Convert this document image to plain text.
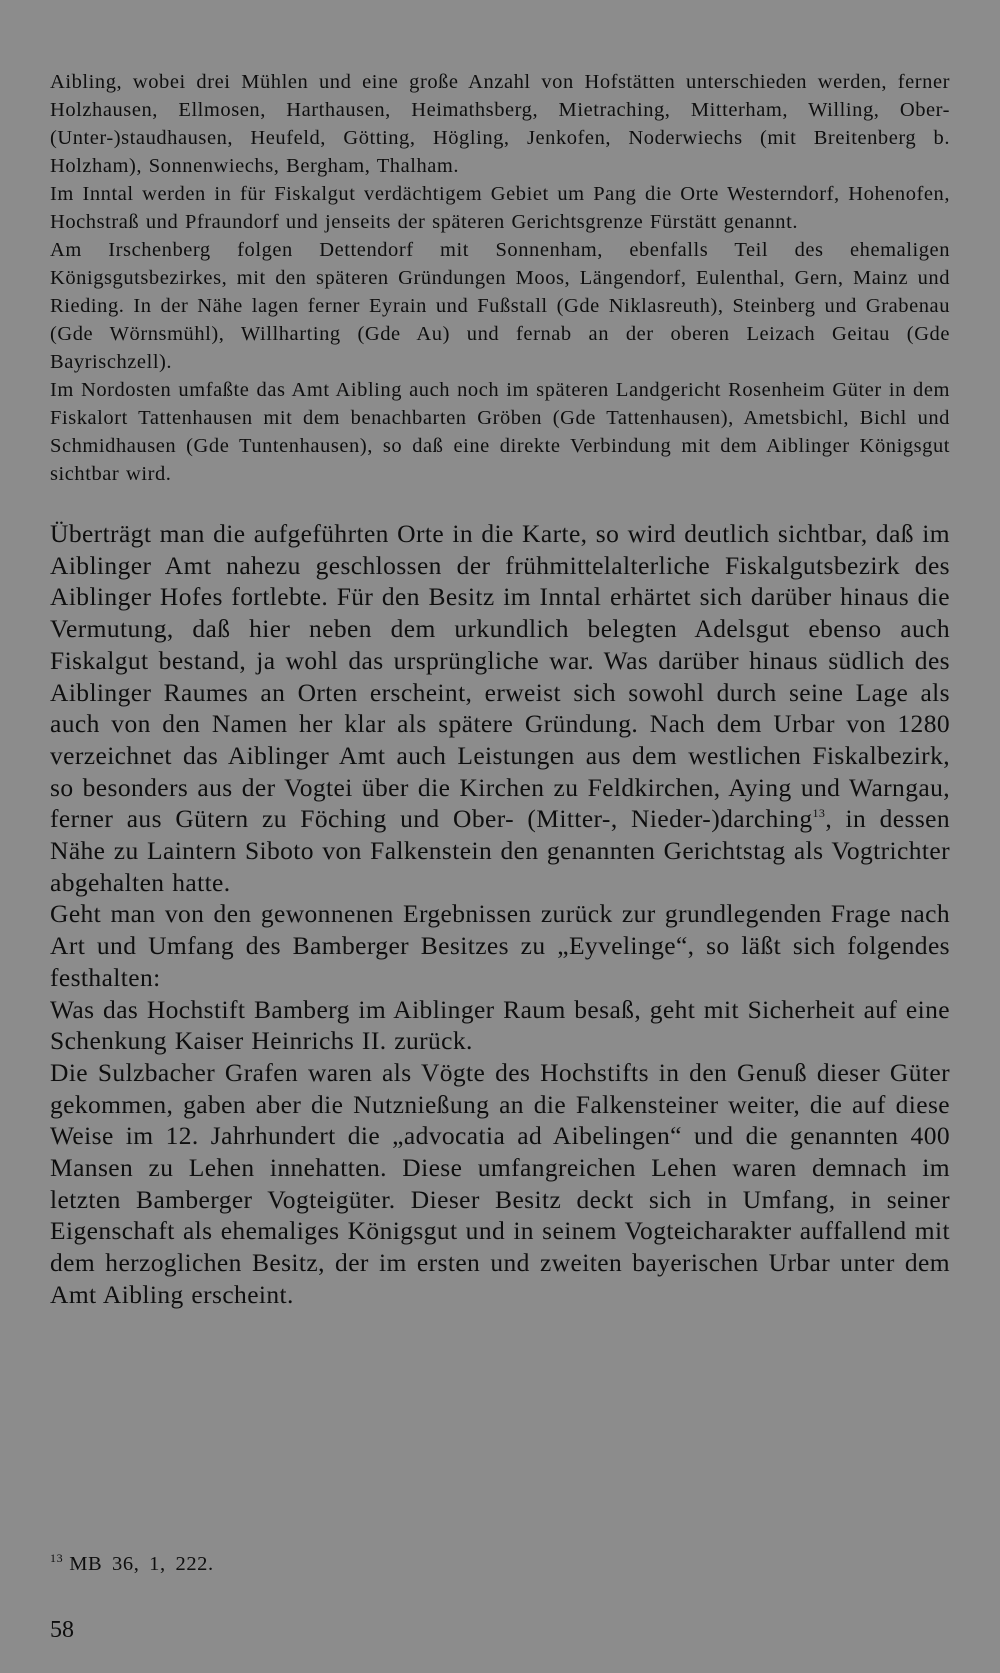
Aibling, wobei drei Mühlen und eine große Anzahl von Hofstätten unterschieden werden, ferner Holzhausen, Ellmosen, Harthausen, Heimathsberg, Mietraching, Mitterham, Willing, Ober-(Unter-)staudhausen, Heufeld, Götting, Högling, Jenkofen, Noderwiechs (mit Breitenberg b. Holzham), Sonnenwiechs, Bergham, Thalham.

Im Inntal werden in für Fiskalgut verdächtigem Gebiet um Pang die Orte Westerndorf, Hohenofen, Hochstraß und Pfraundorf und jenseits der späteren Gerichtsgrenze Fürstätt genannt.

Am Irschenberg folgen Dettendorf mit Sonnenham, ebenfalls Teil des ehemaligen Königsgutsbezirkes, mit den späteren Gründungen Moos, Längendorf, Eulenthal, Gern, Mainz und Rieding. In der Nähe lagen ferner Eyrain und Fußstall (Gde Niklasreuth), Steinberg und Grabenau (Gde Wörnsmühl), Willharting (Gde Au) und fernab an der oberen Leizach Geitau (Gde Bayrischzell).

Im Nordosten umfaßte das Amt Aibling auch noch im späteren Landgericht Rosenheim Güter in dem Fiskalort Tattenhausen mit dem benachbarten Gröben (Gde Tattenhausen), Ametsbichl, Bichl und Schmidhausen (Gde Tuntenhausen), so daß eine direkte Verbindung mit dem Aiblinger Königsgut sichtbar wird.

Überträgt man die aufgeführten Orte in die Karte, so wird deutlich sichtbar, daß im Aiblinger Amt nahezu geschlossen der frühmittelalterliche Fiskalgutsbezirk des Aiblinger Hofes fortlebte. Für den Besitz im Inntal erhärtet sich darüber hinaus die Vermutung, daß hier neben dem urkundlich belegten Adelsgut ebenso auch Fiskalgut bestand, ja wohl das ursprüngliche war. Was darüber hinaus südlich des Aiblinger Raumes an Orten erscheint, erweist sich sowohl durch seine Lage als auch von den Namen her klar als spätere Gründung. Nach dem Urbar von 1280 verzeichnet das Aiblinger Amt auch Leistungen aus dem westlichen Fiskalbezirk, so besonders aus der Vogtei über die Kirchen zu Feldkirchen, Aying und Warngau, ferner aus Gütern zu Föching und Ober- (Mitter-, Nieder-)darching$^{13}$, in dessen Nähe zu Laintern Siboto von Falkenstein den genannten Gerichtstag als Vogtrichter abgehalten hatte.

Geht man von den gewonnenen Ergebnissen zurück zur grundlegenden Frage nach Art und Umfang des Bamberger Besitzes zu „Eyvelinge“, so läßt sich folgendes festhalten:

Was das Hochstift Bamberg im Aiblinger Raum besaß, geht mit Sicherheit auf eine Schenkung Kaiser Heinrichs II. zurück.

Die Sulzbacher Grafen waren als Vögte des Hochstifts in den Genuß dieser Güter gekommen, gaben aber die Nutznießung an die Falkensteiner weiter, die auf diese Weise im 12. Jahrhundert die „advocatia ad Aibelingen“ und die genannten 400 Mansen zu Lehen innehatten. Diese umfangreichen Lehen waren demnach im letzten Bamberger Vogteigüter. Dieser Besitz deckt sich in Umfang, in seiner Eigenschaft als ehemaliges Königsgut und in seinem Vogteicharakter auffallend mit dem herzoglichen Besitz, der im ersten und zweiten bayerischen Urbar unter dem Amt Aibling erscheint.

$^{13}$ MB 36, 1, 222.

58
